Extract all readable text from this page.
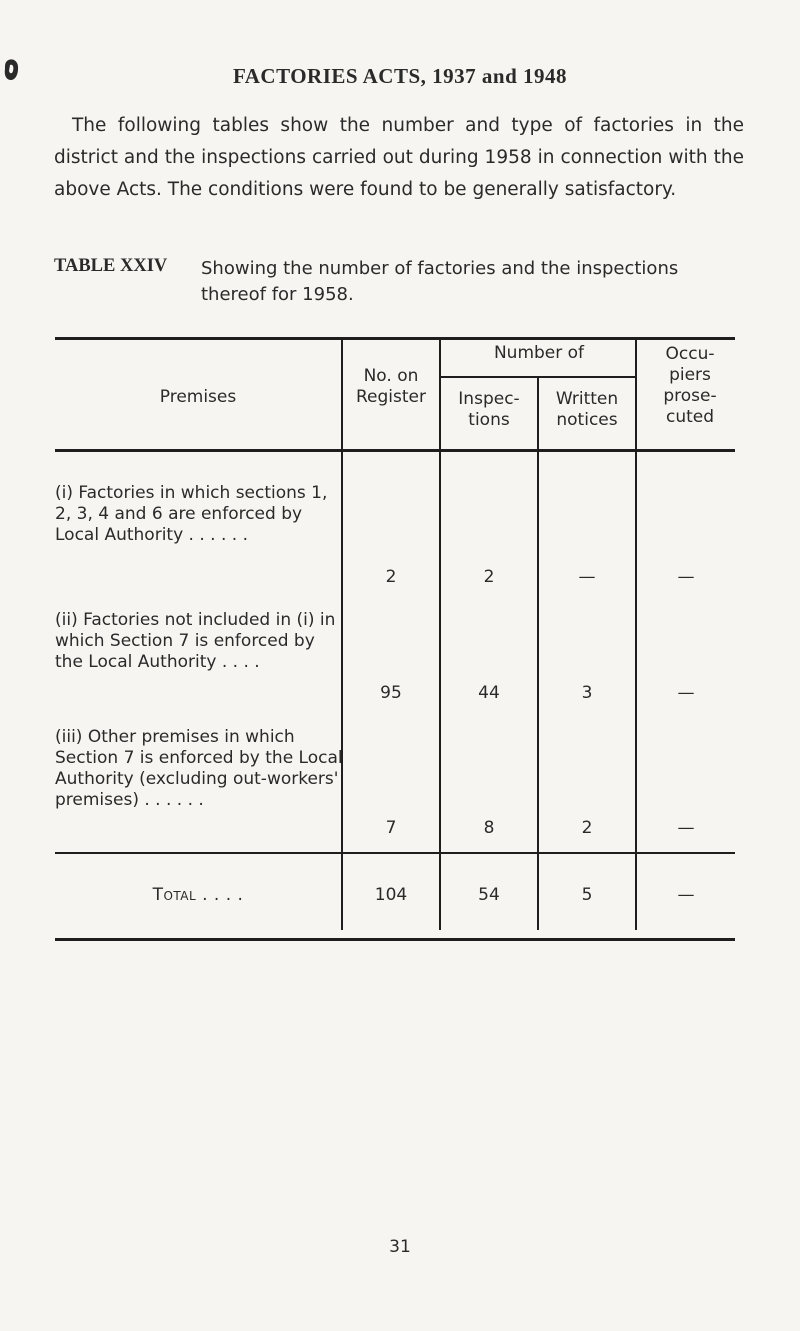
FACTORIES ACTS, 1937 and 1948
The following tables show the number and type of factories in the district and the inspections carried out during 1958 in connection with the above Acts. The conditions were found to be generally satisfactory.
TABLE XXIV Showing the number of factories and the inspections thereof for 1958.
Premises
No. on Register
Number of
Inspec- tions
Written notices
Occu- piers prose- cuted
(i) Factories in which sections 1, 2, 3, 4 and 6 are enforced by Local Authority . . . . . .
2	2	—	—
(ii) Factories not included in (i) in which Section 7 is enforced by the Local Authority . . . .
95	44	3	—
(iii) Other premises in which Section 7 is enforced by the Local Authority (excluding out-workers' premises) . . . . . .
7	8	2	—
Total . . . .	104	54	5	—
31
